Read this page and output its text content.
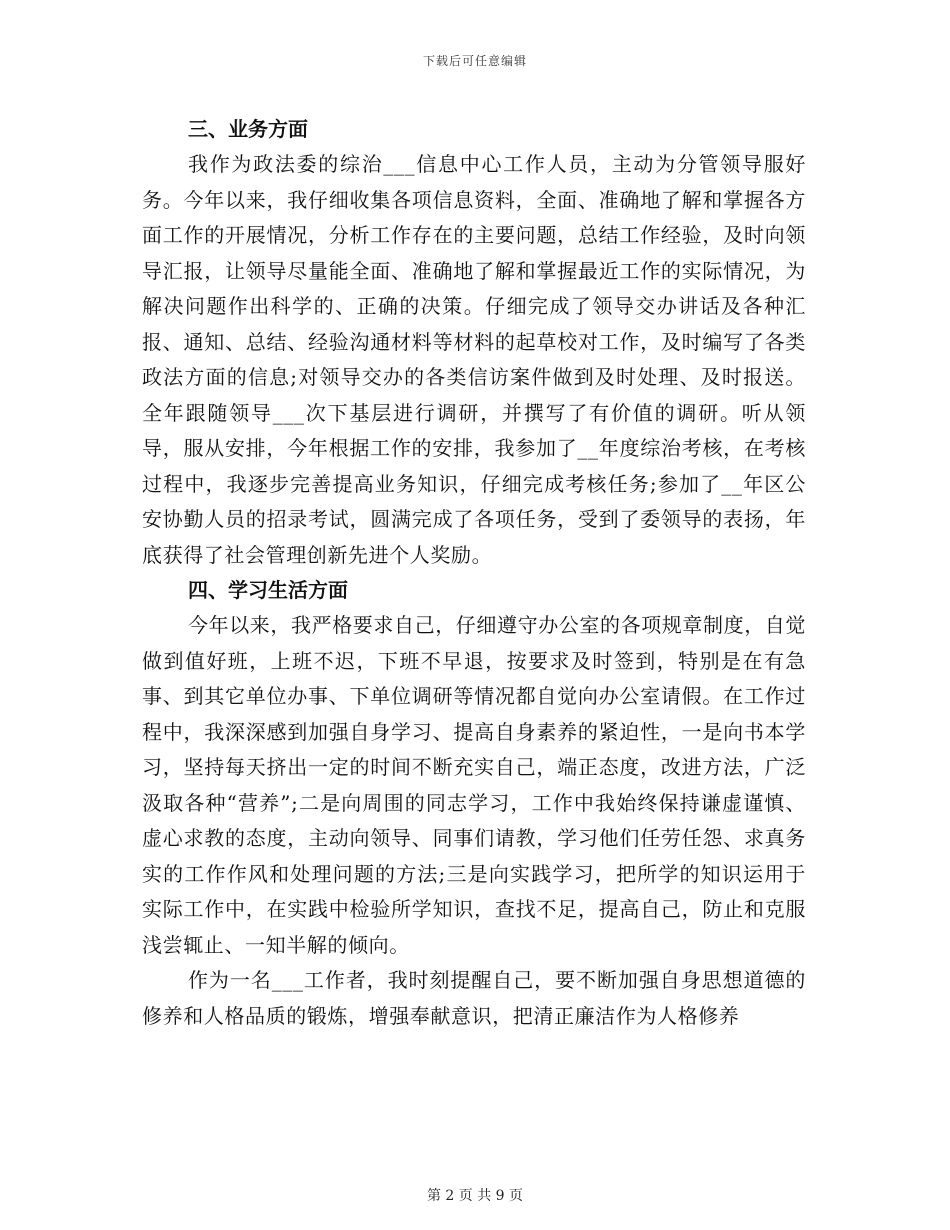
下载后可任意编辑
三、业务方面

我作为政法委的综治___信息中心工作人员，主动为分管领导服好务。今年以来，我仔细收集各项信息资料，全面、准确地了解和掌握各方面工作的开展情况，分析工作存在的主要问题，总结工作经验，及时向领导汇报，让领导尽量能全面、准确地了解和掌握最近工作的实际情况，为解决问题作出科学的、正确的决策。仔细完成了领导交办讲话及各种汇报、通知、总结、经验沟通材料等材料的起草校对工作，及时编写了各类政法方面的信息;对领导交办的各类信访案件做到及时处理、及时报送。全年跟随领导___次下基层进行调研，并撰写了有价值的调研。听从领导，服从安排，今年根据工作的安排，我参加了__年度综治考核，在考核过程中，我逐步完善提高业务知识，仔细完成考核任务;参加了__年区公安协勤人员的招录考试，圆满完成了各项任务，受到了委领导的表扬，年底获得了社会管理创新先进个人奖励。

四、学习生活方面

今年以来，我严格要求自己，仔细遵守办公室的各项规章制度，自觉做到值好班，上班不迟，下班不早退，按要求及时签到，特别是在有急事、到其它单位办事、下单位调研等情况都自觉向办公室请假。在工作过程中，我深深感到加强自身学习、提高自身素养的紧迫性，一是向书本学习，坚持每天挤出一定的时间不断充实自己，端正态度，改进方法，广泛汲取各种“营养”;二是向周围的同志学习，工作中我始终保持谦虚谨慎、虚心求教的态度，主动向领导、同事们请教，学习他们任劳任怨、求真务实的工作作风和处理问题的方法;三是向实践学习，把所学的知识运用于实际工作中，在实践中检验所学知识，查找不足，提高自己，防止和克服浅尝辄止、一知半解的倾向。

作为一名___工作者，我时刻提醒自己，要不断加强自身思想道德的修养和人格品质的锻炼，增强奉献意识，把清正廉洁作为人格修养

第 2 页 共 9 页
